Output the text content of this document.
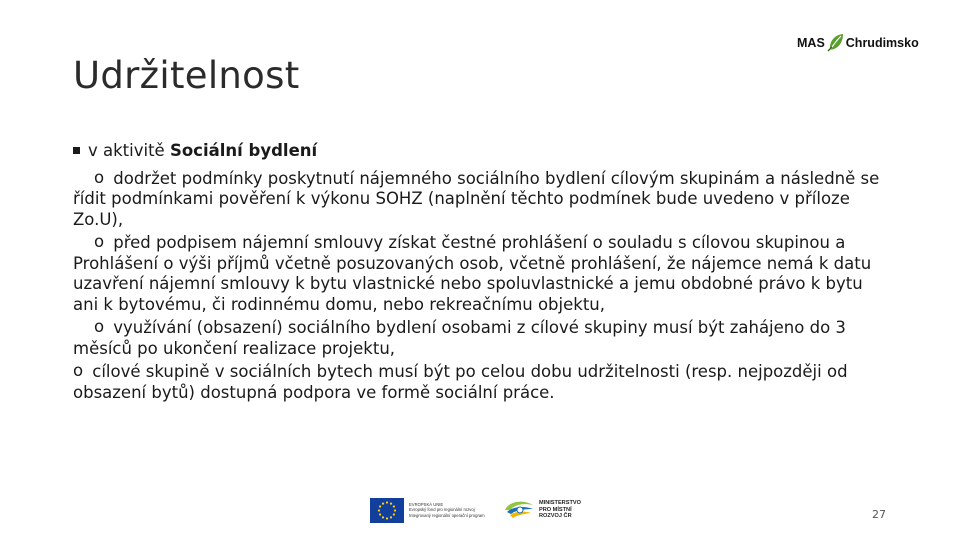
MAS Chrudimsko
Udržitelnost
v aktivitě Sociální bydlení

o dodržet podmínky poskytnutí nájemného sociálního bydlení cílovým skupinám a následně se řídit podmínkami pověření k výkonu SOHZ (naplnění těchto podmínek bude uvedeno v příloze Zo.U),

o před podpisem nájemní smlouvy získat čestné prohlášení o souladu s cílovou skupinou a Prohlášení o výši příjmů včetně posuzovaných osob, včetně prohlášení, že nájemce nemá k datu uzavření nájemní smlouvy k bytu vlastnické nebo spoluvlastnické a jemu obdobné právo k bytu ani k bytovému, či rodinnému domu, nebo rekreačnímu objektu,

o využívání (obsazení) sociálního bydlení osobami z cílové skupiny musí být zahájeno do 3 měsíců po ukončení realizace projektu,

o cílové skupině v sociálních bytech musí být po celou dobu udržitelnosti (resp. nejpozději od obsazení bytů) dostupná podpora ve formě sociální práce.

EVROPSKÁ UNIE
Evropský fond pro regionální rozvoj
Integrovaný regionální operační program
MINISTERSTVO
PRO MÍSTNÍ
ROZVOJ ČR	27
